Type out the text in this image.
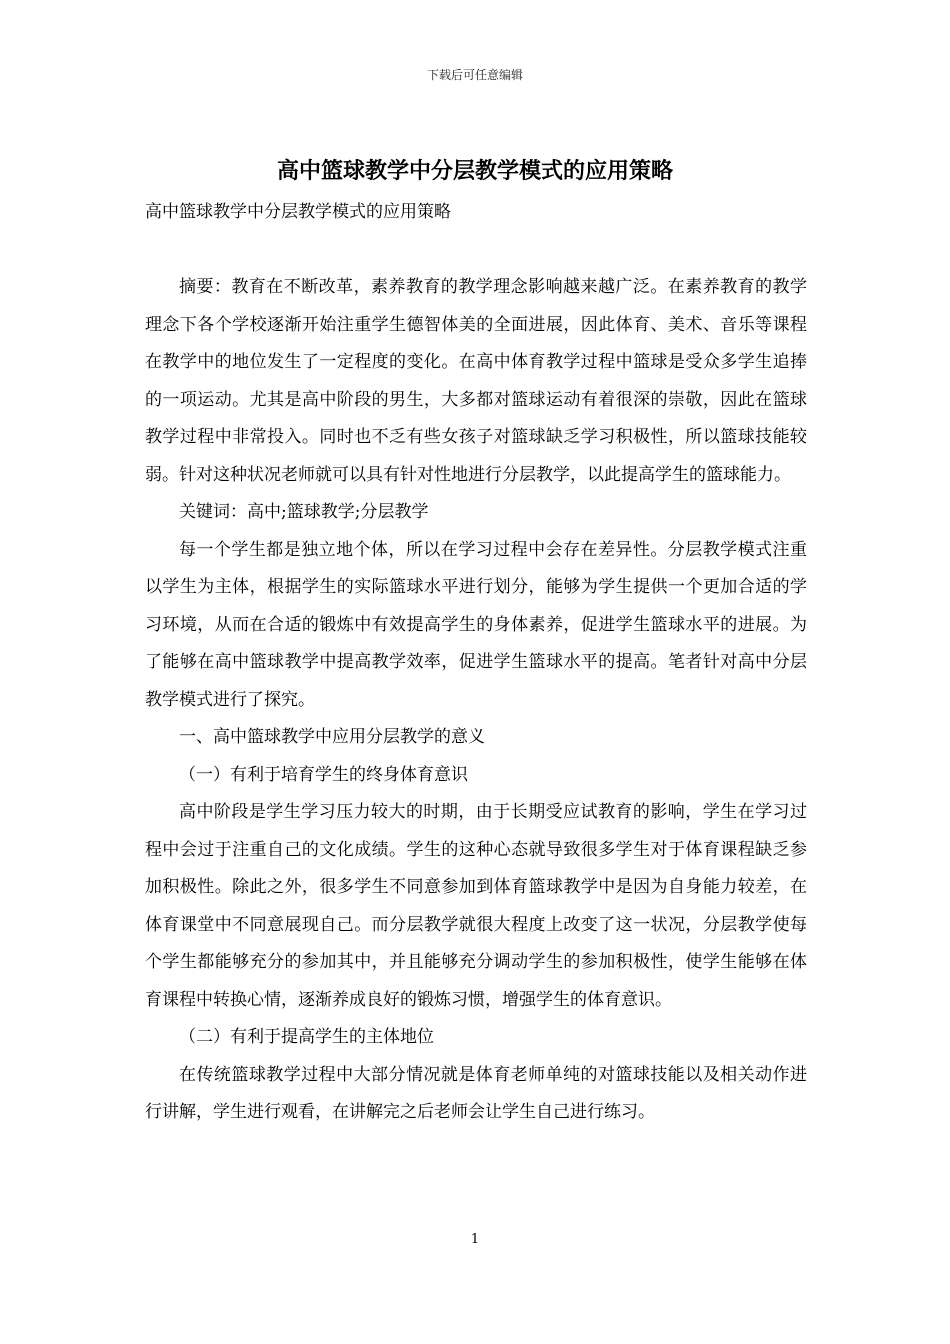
下载后可任意编辑
高中篮球教学中分层教学模式的应用策略
高中篮球教学中分层教学模式的应用策略

摘要：教育在不断改革，素养教育的教学理念影响越来越广泛。在素养教育的教学理念下各个学校逐渐开始注重学生德智体美的全面进展，因此体育、美术、音乐等课程在教学中的地位发生了一定程度的变化。在高中体育教学过程中篮球是受众多学生追捧的一项运动。尤其是高中阶段的男生，大多都对篮球运动有着很深的崇敬，因此在篮球教学过程中非常投入。同时也不乏有些女孩子对篮球缺乏学习积极性，所以篮球技能较弱。针对这种状况老师就可以具有针对性地进行分层教学，以此提高学生的篮球能力。

关键词：高中;篮球教学;分层教学

每一个学生都是独立地个体，所以在学习过程中会存在差异性。分层教学模式注重以学生为主体，根据学生的实际篮球水平进行划分，能够为学生提供一个更加合适的学习环境，从而在合适的锻炼中有效提高学生的身体素养，促进学生篮球水平的进展。为了能够在高中篮球教学中提高教学效率，促进学生篮球水平的提高。笔者针对高中分层教学模式进行了探究。

一、高中篮球教学中应用分层教学的意义

（一）有利于培育学生的终身体育意识

高中阶段是学生学习压力较大的时期，由于长期受应试教育的影响，学生在学习过程中会过于注重自己的文化成绩。学生的这种心态就导致很多学生对于体育课程缺乏参加积极性。除此之外，很多学生不同意参加到体育篮球教学中是因为自身能力较差，在体育课堂中不同意展现自己。而分层教学就很大程度上改变了这一状况，分层教学使每个学生都能够充分的参加其中，并且能够充分调动学生的参加积极性，使学生能够在体育课程中转换心情，逐渐养成良好的锻炼习惯，增强学生的体育意识。

（二）有利于提高学生的主体地位

在传统篮球教学过程中大部分情况就是体育老师单纯的对篮球技能以及相关动作进行讲解，学生进行观看，在讲解完之后老师会让学生自己进行练习。

1
